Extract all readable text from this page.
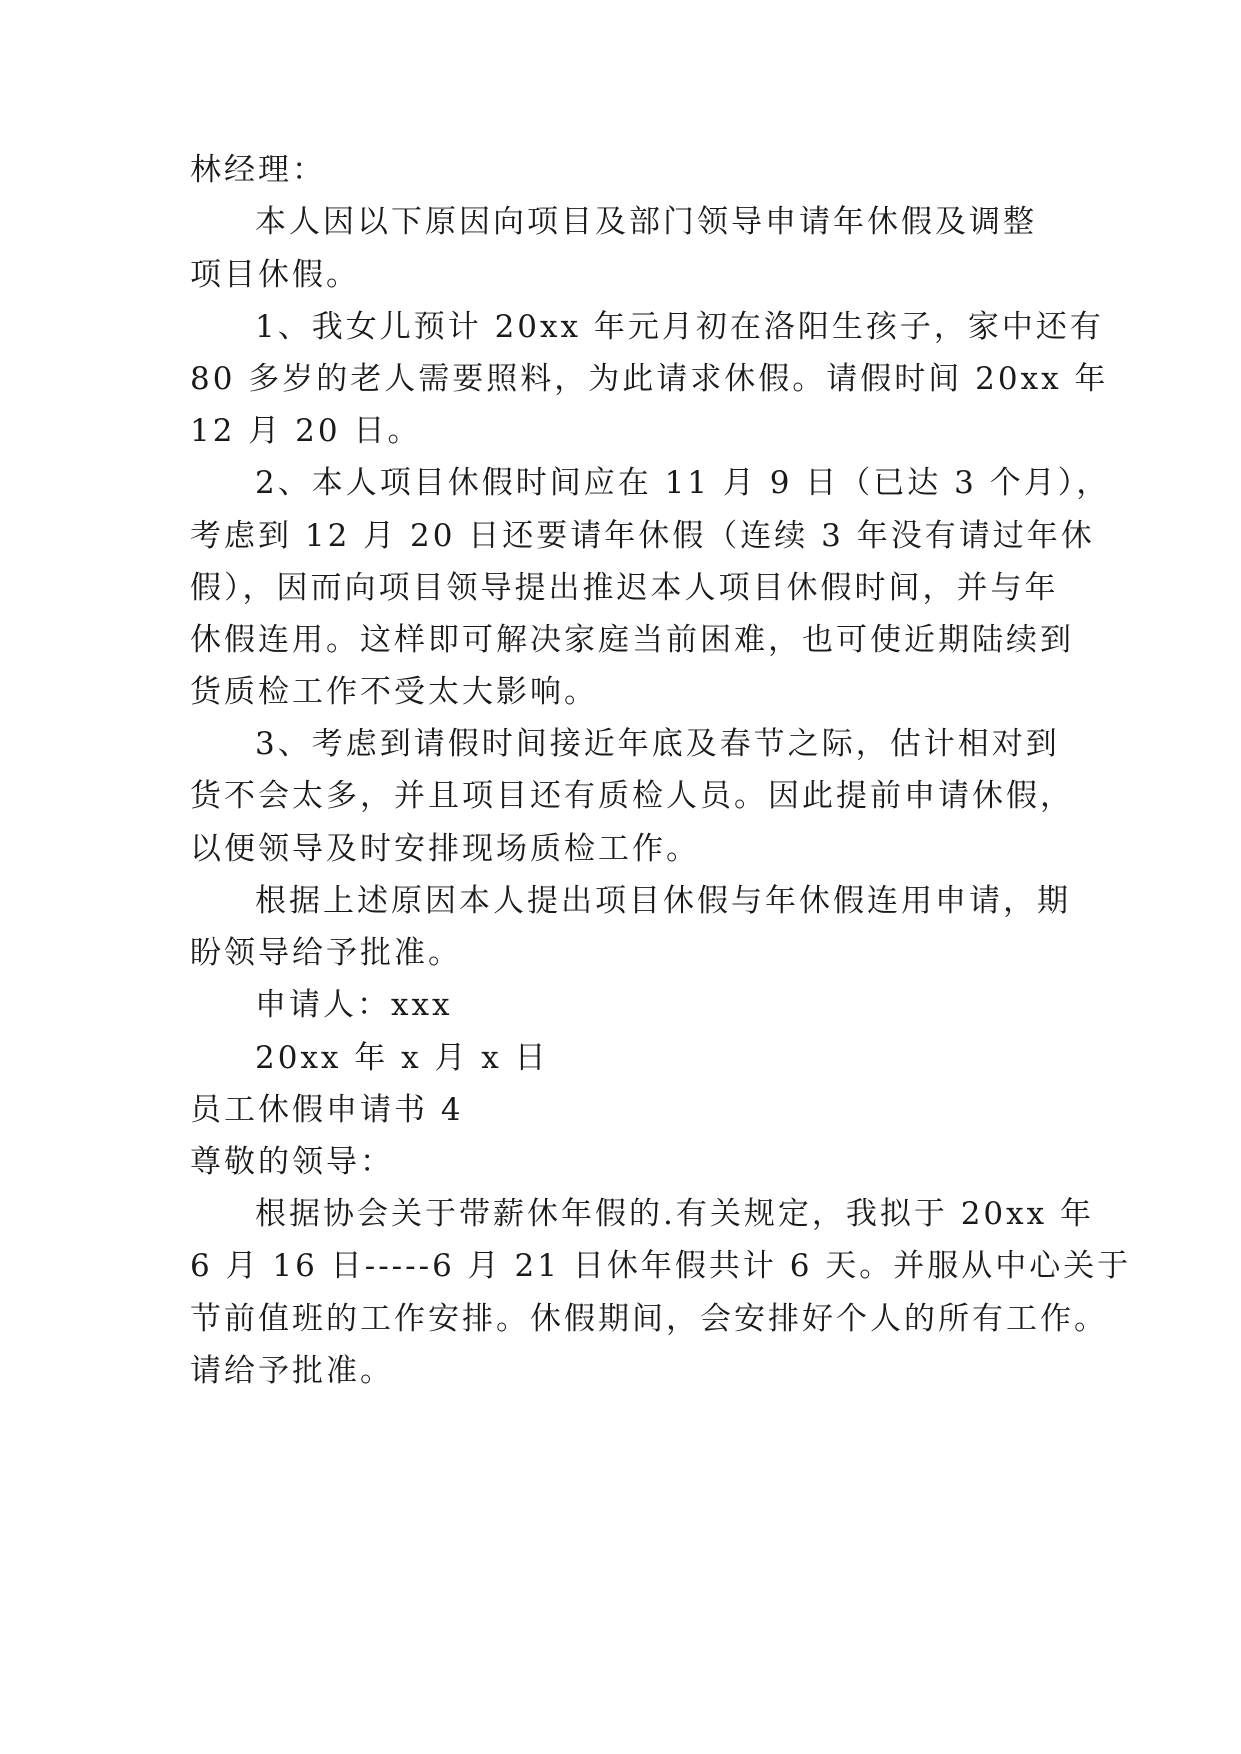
林经理：
本人因以下原因向项目及部门领导申请年休假及调整
项目休假。
1、我女儿预计 20xx 年元月初在洛阳生孩子，家中还有
80 多岁的老人需要照料，为此请求休假。请假时间 20xx 年
12 月 20 日。
2、本人项目休假时间应在 11 月 9 日（已达 3 个月），
考虑到 12 月 20 日还要请年休假（连续 3 年没有请过年休
假），因而向项目领导提出推迟本人项目休假时间，并与年
休假连用。这样即可解决家庭当前困难，也可使近期陆续到
货质检工作不受太大影响。
3、考虑到请假时间接近年底及春节之际，估计相对到
货不会太多，并且项目还有质检人员。因此提前申请休假，
以便领导及时安排现场质检工作。
根据上述原因本人提出项目休假与年休假连用申请，期
盼领导给予批准。
申请人：xxx
20xx 年 x 月 x 日
员工休假申请书 4
尊敬的领导：
根据协会关于带薪休年假的.有关规定，我拟于 20xx 年
6 月 16 日-----6 月 21 日休年假共计 6 天。并服从中心关于
节前值班的工作安排。休假期间，会安排好个人的所有工作。
请给予批准。
